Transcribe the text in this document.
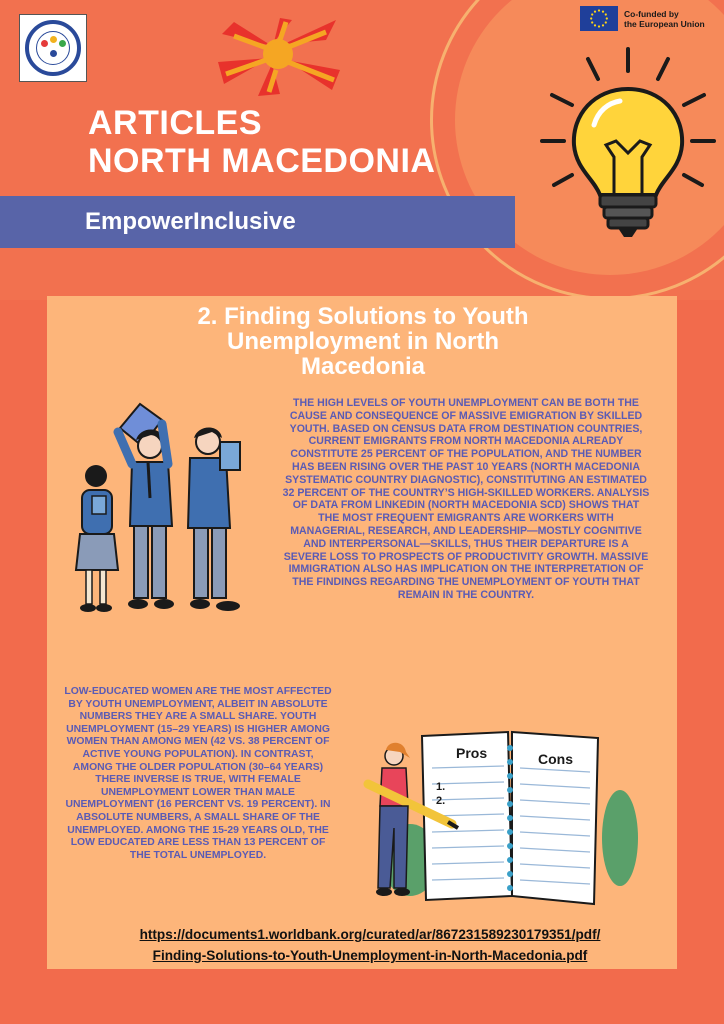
Co-funded by
the European Union
ARTICLES
NORTH MACEDONIA
EmpowerInclusive
2. Finding Solutions to Youth
Unemployment in North
Macedonia
THE HIGH LEVELS OF YOUTH UNEMPLOYMENT CAN BE BOTH THE CAUSE AND CONSEQUENCE OF MASSIVE EMIGRATION BY SKILLED YOUTH. BASED ON CENSUS DATA FROM DESTINATION COUNTRIES, CURRENT EMIGRANTS FROM NORTH MACEDONIA ALREADY CONSTITUTE 25 PERCENT OF THE POPULATION, AND THE NUMBER HAS BEEN RISING OVER THE PAST 10 YEARS (NORTH MACEDONIA SYSTEMATIC COUNTRY DIAGNOSTIC), CONSTITUTING AN ESTIMATED 32 PERCENT OF THE COUNTRY’S HIGH-SKILLED WORKERS. ANALYSIS OF DATA FROM LINKEDIN (NORTH MACEDONIA SCD) SHOWS THAT THE MOST FREQUENT EMIGRANTS ARE WORKERS WITH MANAGERIAL, RESEARCH, AND LEADERSHIP—MOSTLY COGNITIVE AND INTERPERSONAL—SKILLS, THUS THEIR DEPARTURE IS A SEVERE LOSS TO PROSPECTS OF PRODUCTIVITY GROWTH. MASSIVE IMMIGRATION ALSO HAS IMPLICATION ON THE INTERPRETATION OF THE FINDINGS REGARDING THE UNEMPLOYMENT OF YOUTH THAT REMAIN IN THE COUNTRY.
LOW-EDUCATED WOMEN ARE THE MOST AFFECTED BY YOUTH UNEMPLOYMENT, ALBEIT IN ABSOLUTE NUMBERS THEY ARE A SMALL SHARE. YOUTH UNEMPLOYMENT (15–29 YEARS) IS HIGHER AMONG WOMEN THAN AMONG MEN (42 VS. 38 PERCENT OF ACTIVE YOUNG POPULATION). IN CONTRAST, AMONG THE OLDER POPULATION (30–64 YEARS) THERE INVERSE IS TRUE, WITH FEMALE UNEMPLOYMENT LOWER THAN MALE UNEMPLOYMENT (16 PERCENT VS. 19 PERCENT). IN ABSOLUTE NUMBERS, A SMALL SHARE OF THE UNEMPLOYED. AMONG THE 15-29 YEARS OLD, THE LOW EDUCATED ARE LESS THAN 13 PERCENT OF THE TOTAL UNEMPLOYED.
Pros	Cons
1.
2.
https://documents1.worldbank.org/curated/ar/867231589230179351/pdf/
Finding-Solutions-to-Youth-Unemployment-in-North-Macedonia.pdf
